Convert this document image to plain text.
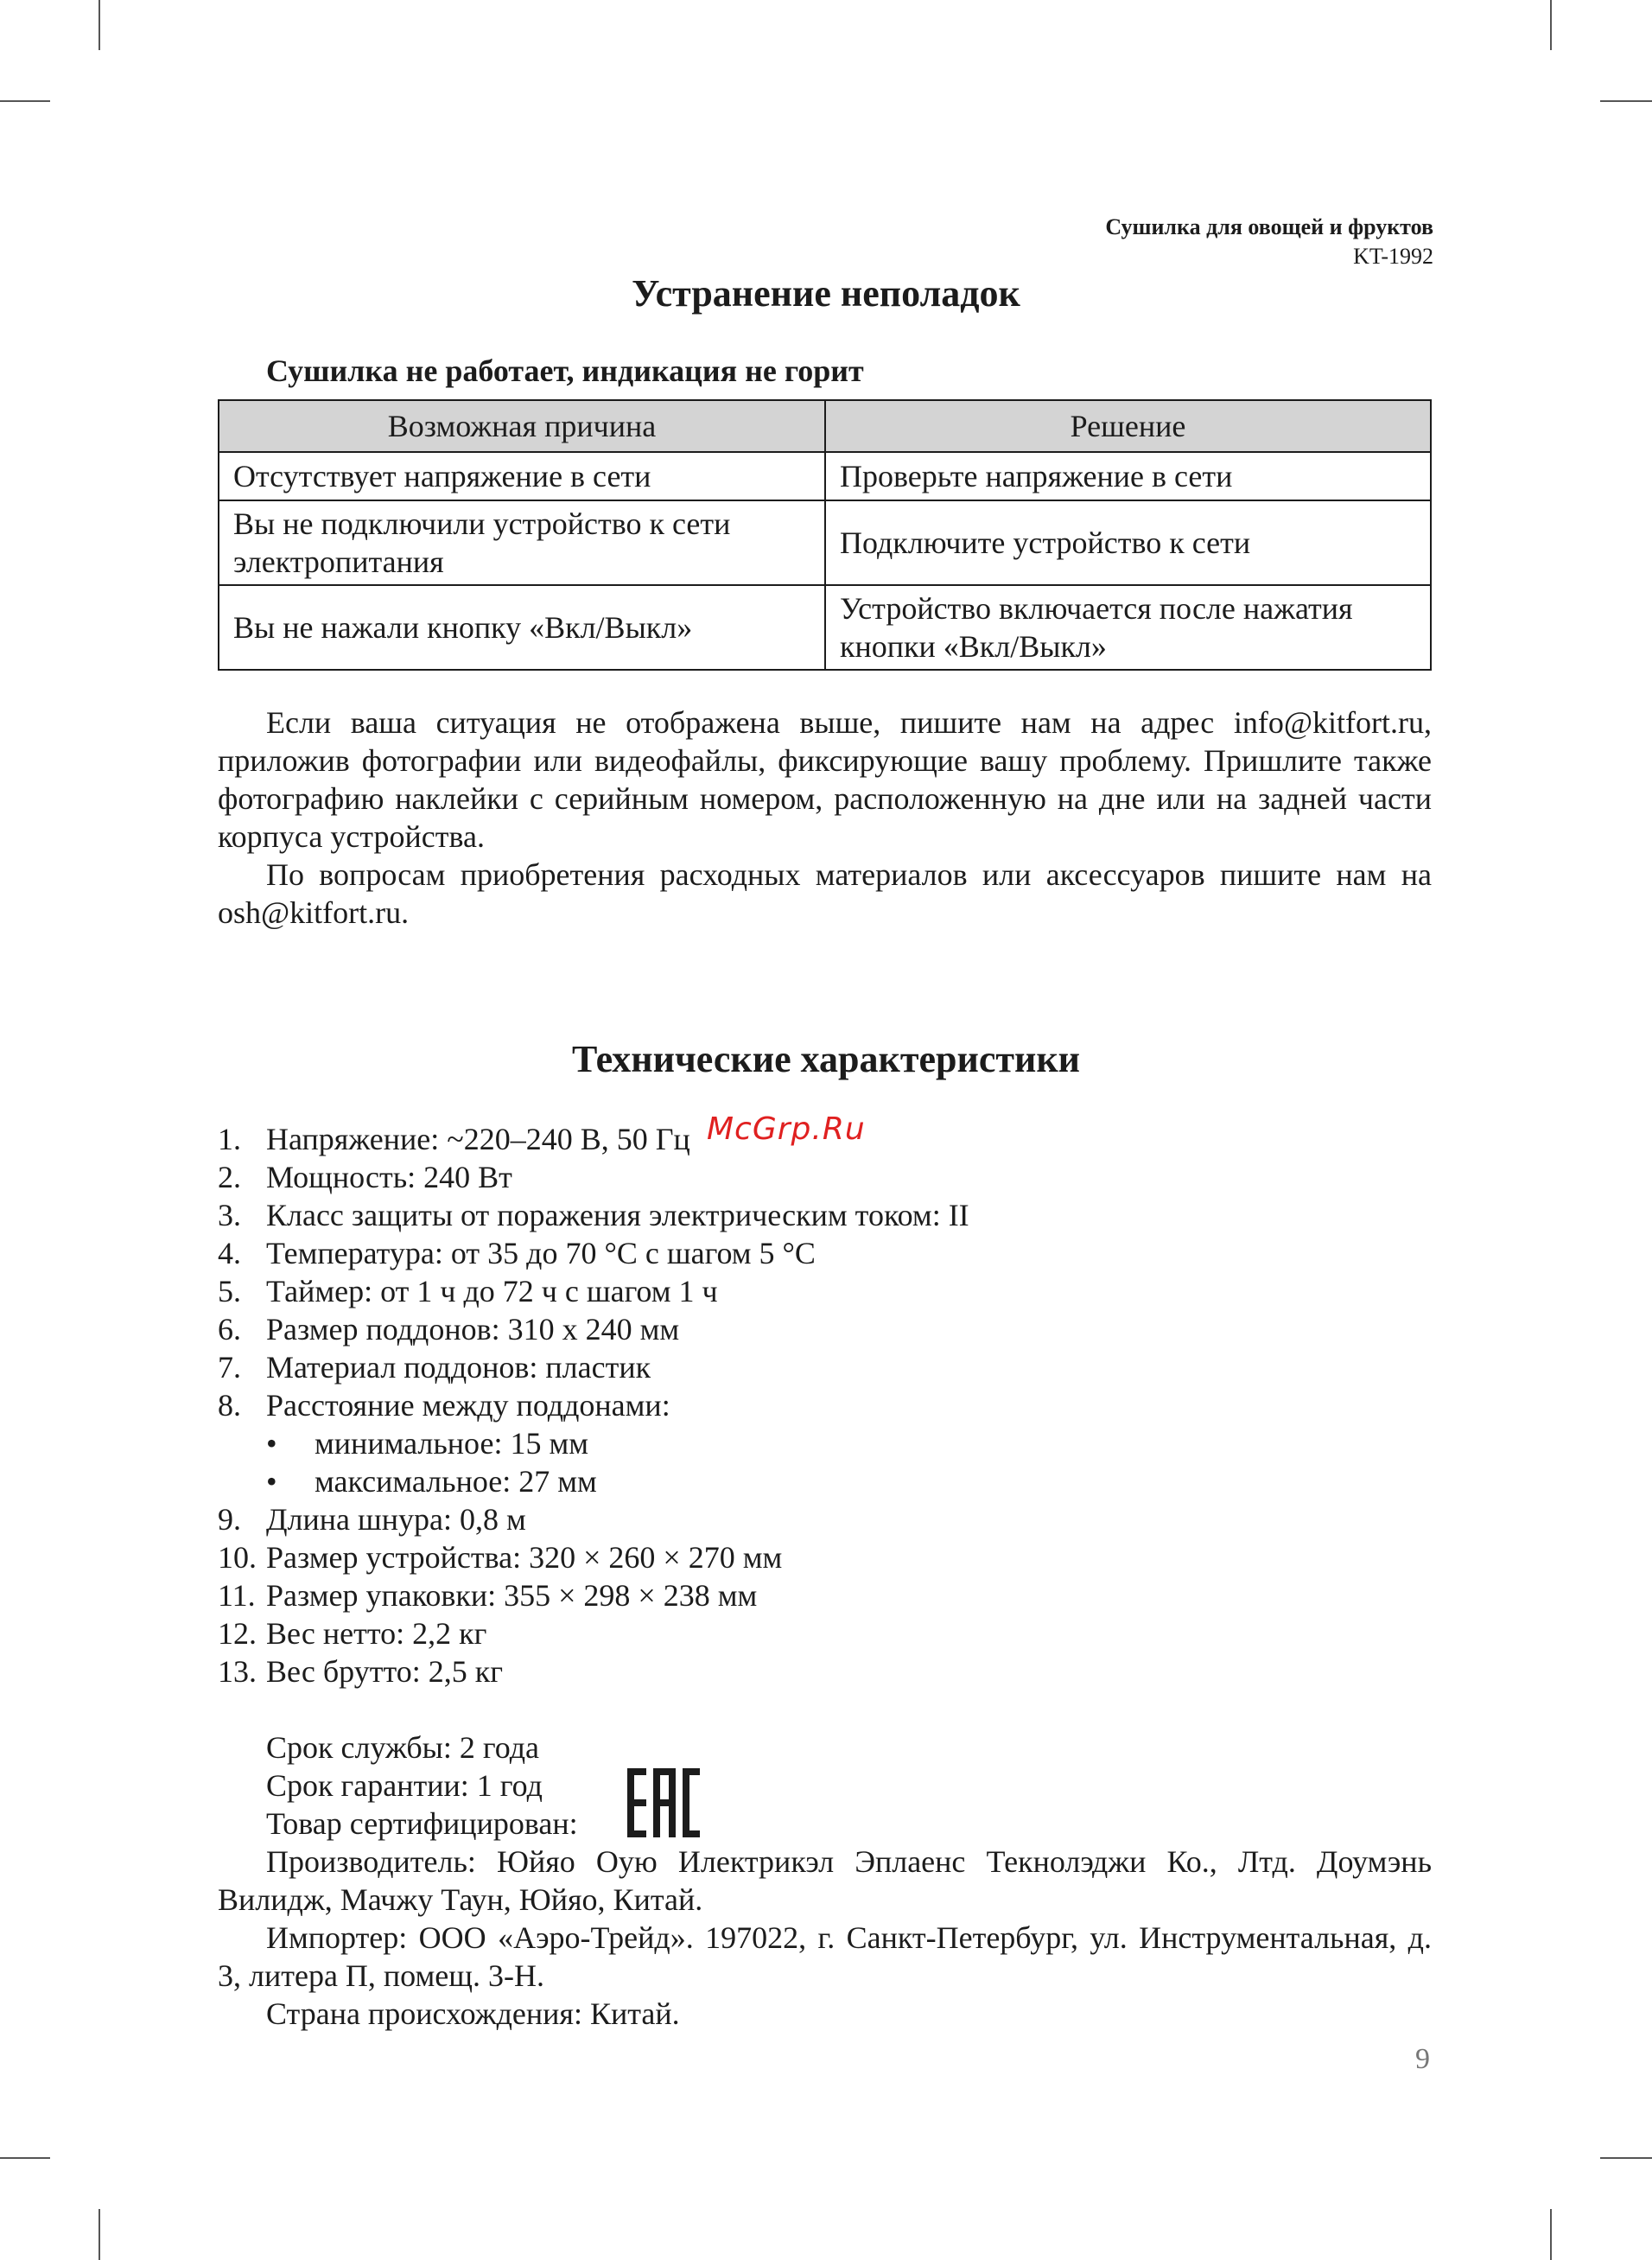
Сушилка для овощей и фруктов
KT-1992
Устранение неполадок
Сушилка не работает, индикация не горит
Возможная причина	Решение
Отсутствует напряжение в сети	Проверьте напряжение в сети
Вы не подключили устройство к сети электропитания	Подключите устройство к сети
Вы не нажали кнопку «Вкл/Выкл»	Устройство включается после нажатия кнопки «Вкл/Выкл»

Если ваша ситуация не отображена выше, пишите нам на адрес info@kitfort.ru, приложив фотографии или видеофайлы, фиксирующие вашу проблему. Пришлите также фотографию наклейки с серийным номером, расположенную на дне или на задней части корпуса устройства.

По вопросам приобретения расходных материалов или аксессуаров пишите нам на osh@kitfort.ru.

Технические характеристики
1. Напряжение: ~220–240 В, 50 Гц
2. Мощность: 240 Вт
3. Класс защиты от поражения электрическим током: II
4. Температура: от 35 до 70 °C с шагом 5 °C
5. Таймер: от 1 ч до 72 ч с шагом 1 ч
6. Размер поддонов: 310 х 240 мм
7. Материал поддонов: пластик
8. Расстояние между поддонами:
• минимальное: 15 мм
• максимальное: 27 мм
9. Длина шнура: 0,8 м
10. Размер устройства: 320 × 260 × 270 мм
11. Размер упаковки: 355 × 298 × 238 мм
12. Вес нетто: 2,2 кг
13. Вес брутто: 2,5 кг
McGrp.Ru
Срок службы: 2 года
Срок гарантии: 1 год
Товар сертифицирован:

Производитель: Юйяо Оую Илектрикэл Эплаенс Текнолэджи Ко., Лтд. Доумэнь Вилидж, Мачжу Таун, Юйяо, Китай.

Импортер: ООО «Аэро-Трейд». 197022, г. Санкт-Петербург, ул. Инструментальная, д. 3, литера П, помещ. 3-Н.

Страна происхождения: Китай.
9
